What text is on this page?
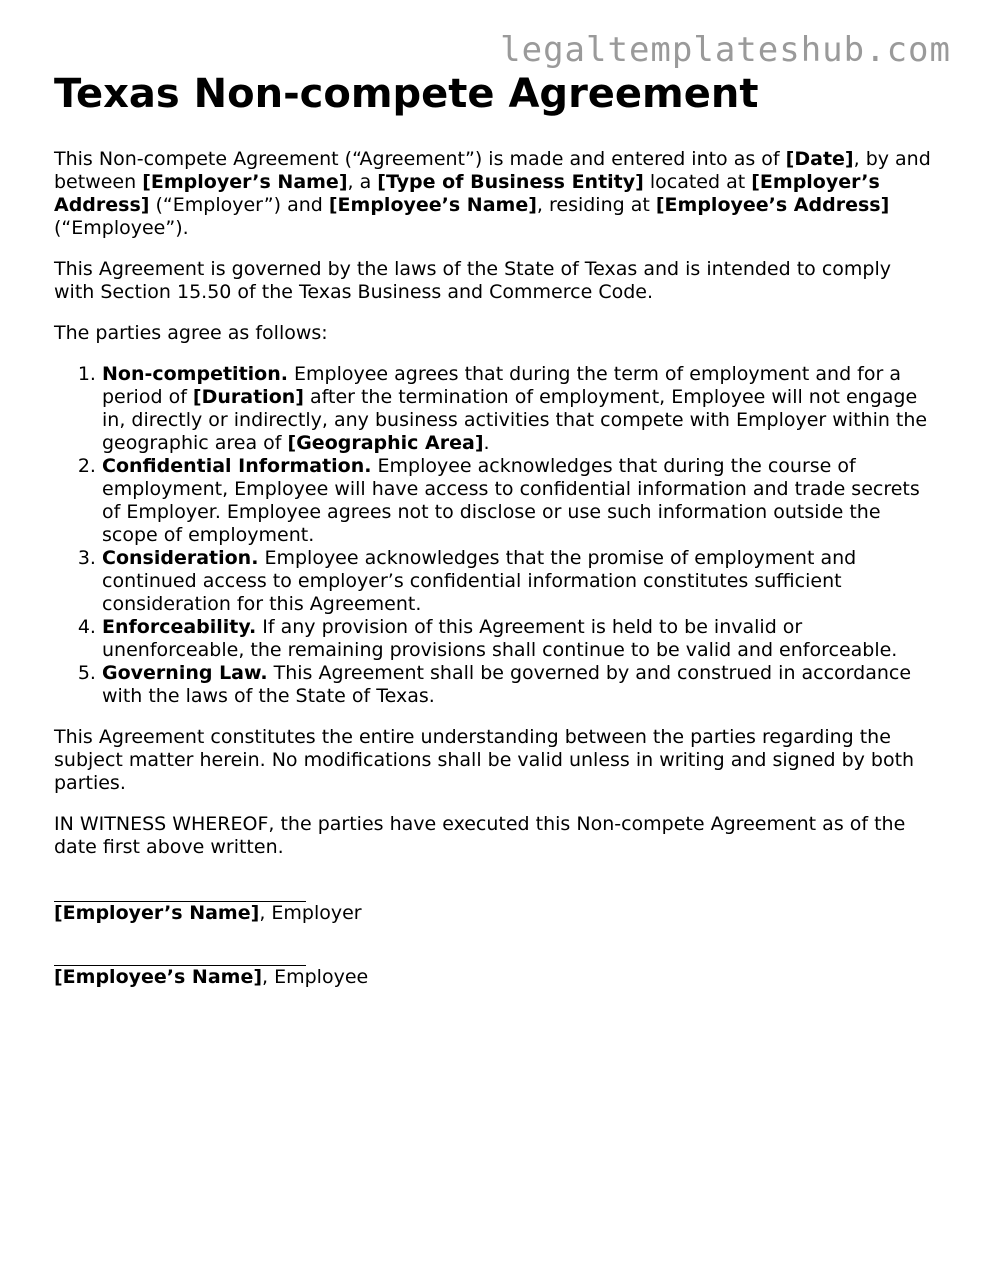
legaltemplateshub.com
Texas Non-compete Agreement

This Non-compete Agreement (“Agreement”) is made and entered into as of [Date], by and between [Employer’s Name], a [Type of Business Entity] located at [Employer’s Address] (“Employer”) and [Employee’s Name], residing at [Employee’s Address] (“Employee”).

This Agreement is governed by the laws of the State of Texas and is intended to comply with Section 15.50 of the Texas Business and Commerce Code.

The parties agree as follows:

1. Non-competition. Employee agrees that during the term of employment and for a period of [Duration] after the termination of employment, Employee will not engage in, directly or indirectly, any business activities that compete with Employer within the geographic area of [Geographic Area].
2. Confidential Information. Employee acknowledges that during the course of employment, Employee will have access to confidential information and trade secrets of Employer. Employee agrees not to disclose or use such information outside the scope of employment.
3. Consideration. Employee acknowledges that the promise of employment and continued access to employer’s confidential information constitutes sufficient consideration for this Agreement.
4. Enforceability. If any provision of this Agreement is held to be invalid or unenforceable, the remaining provisions shall continue to be valid and enforceable.
5. Governing Law. This Agreement shall be governed by and construed in accordance with the laws of the State of Texas.

This Agreement constitutes the entire understanding between the parties regarding the subject matter herein. No modifications shall be valid unless in writing and signed by both parties.

IN WITNESS WHEREOF, the parties have executed this Non-compete Agreement as of the date first above written.

[Employer’s Name], Employer
[Employee’s Name], Employee
